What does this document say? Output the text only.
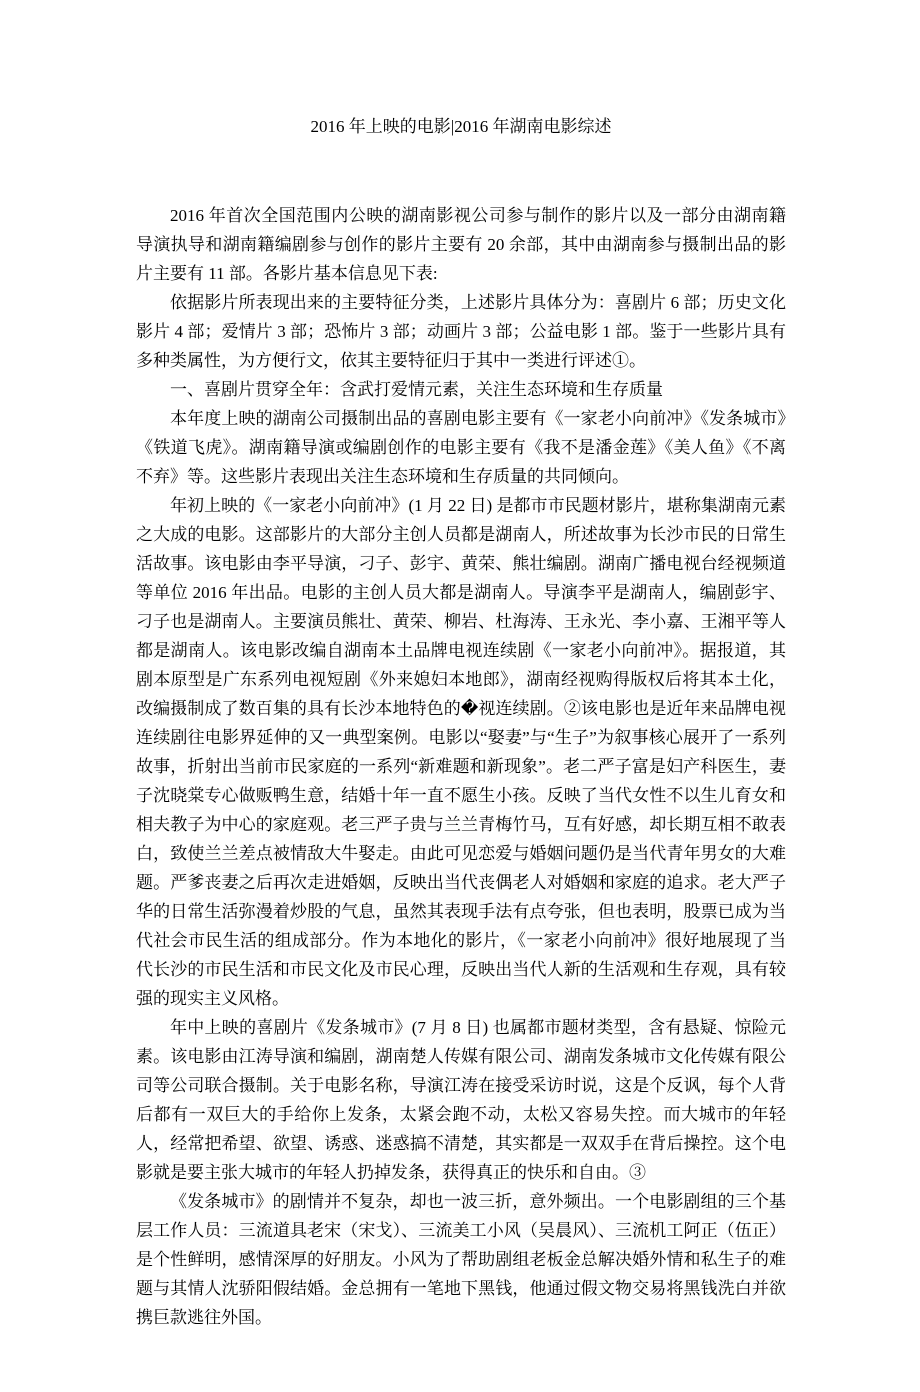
2016 年上映的电影|2016 年湖南电影综述

2016 年首次全国范围内公映的湖南影视公司参与制作的影片以及一部分由湖南籍导演执导和湖南籍编剧参与创作的影片主要有 20 余部，其中由湖南参与摄制出品的影片主要有 11 部。各影片基本信息见下表:

依据影片所表现出来的主要特征分类，上述影片具体分为：喜剧片 6 部；历史文化影片 4 部；爱情片 3 部；恐怖片 3 部；动画片 3 部；公益电影 1 部。鉴于一些影片具有多种类属性，为方便行文，依其主要特征归于其中一类进行评述①。

一、喜剧片贯穿全年：含武打爱情元素，关注生态环境和生存质量

本年度上映的湖南公司摄制出品的喜剧电影主要有《一家老小向前冲》《发条城市》《铁道飞虎》。湖南籍导演或编剧创作的电影主要有《我不是潘金莲》《美人鱼》《不离不弃》等。这些影片表现出关注生态环境和生存质量的共同倾向。

年初上映的《一家老小向前冲》(1 月 22 日) 是都市市民题材影片，堪称集湖南元素之大成的电影。这部影片的大部分主创人员都是湖南人，所述故事为长沙市民的日常生活故事。该电影由李平导演，刁子、彭宇、黄荣、熊壮编剧。湖南广播电视台经视频道等单位 2016 年出品。电影的主创人员大都是湖南人。导演李平是湖南人，编剧彭宇、刁子也是湖南人。主要演员熊壮、黄荣、柳岩、杜海涛、王永光、李小嘉、王湘平等人都是湖南人。该电影改编自湖南本土品牌电视连续剧《一家老小向前冲》。据报道，其剧本原型是广东系列电视短剧《外来媳妇本地郎》，湖南经视购得版权后将其本土化，改编摄制成了数百集的具有长沙本地特色的�视连续剧。②该电影也是近年来品牌电视连续剧往电影界延伸的又一典型案例。电影以“娶妻”与“生子”为叙事核心展开了一系列故事，折射出当前市民家庭的一系列“新难题和新现象”。老二严子富是妇产科医生，妻子沈晓棠专心做贩鸭生意，结婚十年一直不愿生小孩。反映了当代女性不以生儿育女和相夫教子为中心的家庭观。老三严子贵与兰兰青梅竹马，互有好感，却长期互相不敢表白，致使兰兰差点被情敌大牛娶走。由此可见恋爱与婚姻问题仍是当代青年男女的大难题。严爹丧妻之后再次走进婚姻，反映出当代丧偶老人对婚姻和家庭的追求。老大严子华的日常生活弥漫着炒股的气息，虽然其表现手法有点夸张，但也表明，股票已成为当代社会市民生活的组成部分。作为本地化的影片，《一家老小向前冲》很好地展现了当代长沙的市民生活和市民文化及市民心理，反映出当代人新的生活观和生存观，具有较强的现实主义风格。

年中上映的喜剧片《发条城市》(7 月 8 日) 也属都市题材类型，含有悬疑、惊险元素。该电影由江涛导演和编剧，湖南楚人传媒有限公司、湖南发条城市文化传媒有限公司等公司联合摄制。关于电影名称，导演江涛在接受采访时说，这是个反讽，每个人背后都有一双巨大的手给你上发条，太紧会跑不动，太松又容易失控。而大城市的年轻人，经常把希望、欲望、诱惑、迷惑搞不清楚，其实都是一双双手在背后操控。这个电影就是要主张大城市的年轻人扔掉发条，获得真正的快乐和自由。③

《发条城市》的剧情并不复杂，却也一波三折，意外频出。一个电影剧组的三个基层工作人员：三流道具老宋（宋戈）、三流美工小风（吴晨风）、三流机工阿正（伍正）是个性鲜明，感情深厚的好朋友。小风为了帮助剧组老板金总解决婚外情和私生子的难题与其情人沈骄阳假结婚。金总拥有一笔地下黑钱，他通过假文物交易将黑钱洗白并欲携巨款逃往外国。
